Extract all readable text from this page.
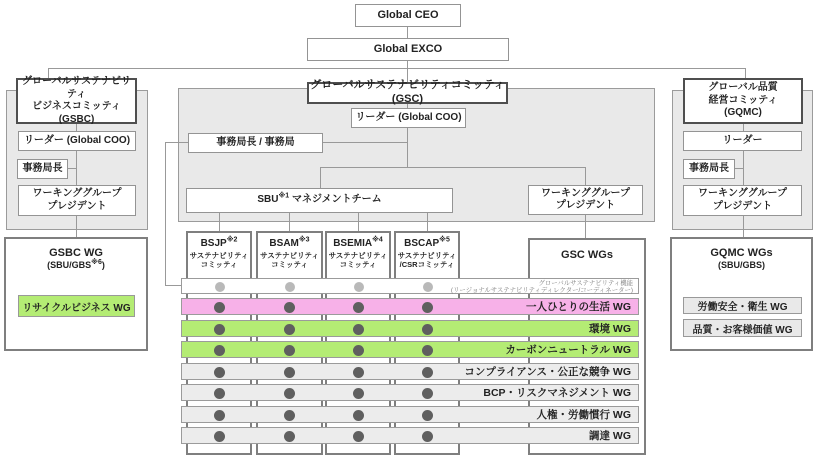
Global CEO
Global EXCO
グローバルサステナビリティ
ビジネスコミッティ
(GSBC)
リーダー (Global COO)
事務局長
ワーキンググループ
プレジデント
GSBC WG
(SBU/GBS$^{※6}$)
リサイクルビジネス WG
グローバルサステナビリティコミッティ (GSC)
リーダー (Global COO)
事務局長 / 事務局
SBU$^{※1}$ マネジメントチーム
ワーキンググループ
プレジデント
BSJP$^{※2}$
サステナビリティ
コミッティ
BSAM$^{※3}$
サステナビリティ
コミッティ
BSEMIA$^{※4}$
サステナビリティ
コミッティ
BSCAP$^{※5}$
サステナビリティ
/CSRコミッティ
GSC WGs
グローバルサステナビリティ機能
(リージョナルサステナビリティディレクター/コーディネーター)
一人ひとりの生活 WG
環境 WG
カーボンニュートラル WG
コンプライアンス・公正な競争 WG
BCP・リスクマネジメント WG
人権・労働慣行 WG
調達 WG
グローバル品質
経営コミッティ
(GQMC)
リーダー
事務局長
ワーキンググループ
プレジデント
GQMC WGs
(SBU/GBS)
労働安全・衛生 WG
品質・お客様価値 WG
